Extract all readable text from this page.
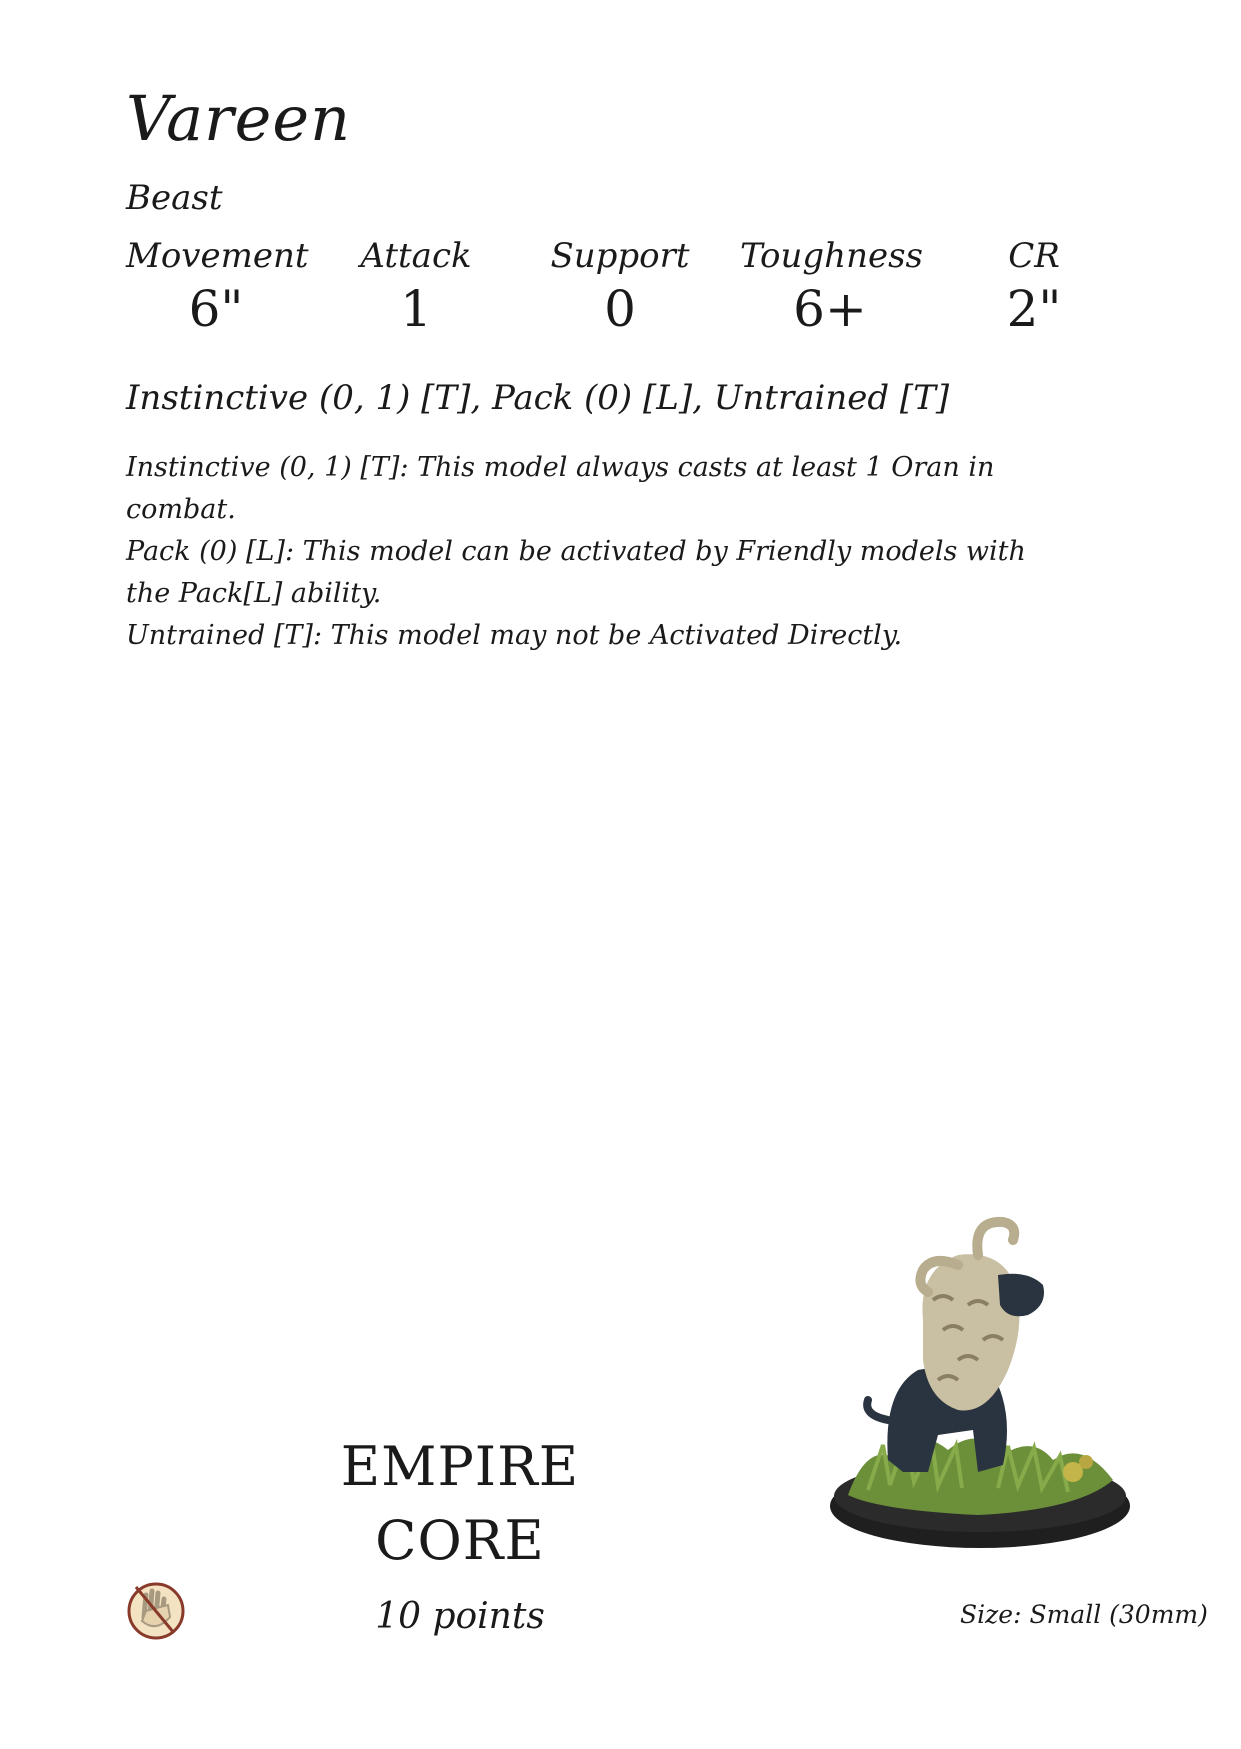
Vareen
Beast
Movement
6"
Attack
1
Support
0
Toughness
6+
CR
2"
Instinctive (0, 1) [T], Pack (0) [L], Untrained [T]

Instinctive (0, 1) [T]: This model always casts at least 1 Oran in combat.

Pack (0) [L]: This model can be activated by Friendly models with the Pack[L] ability.

Untrained [T]: This model may not be Activated Directly.

EMPIRE
CORE
10 points	Size: Small (30mm)
